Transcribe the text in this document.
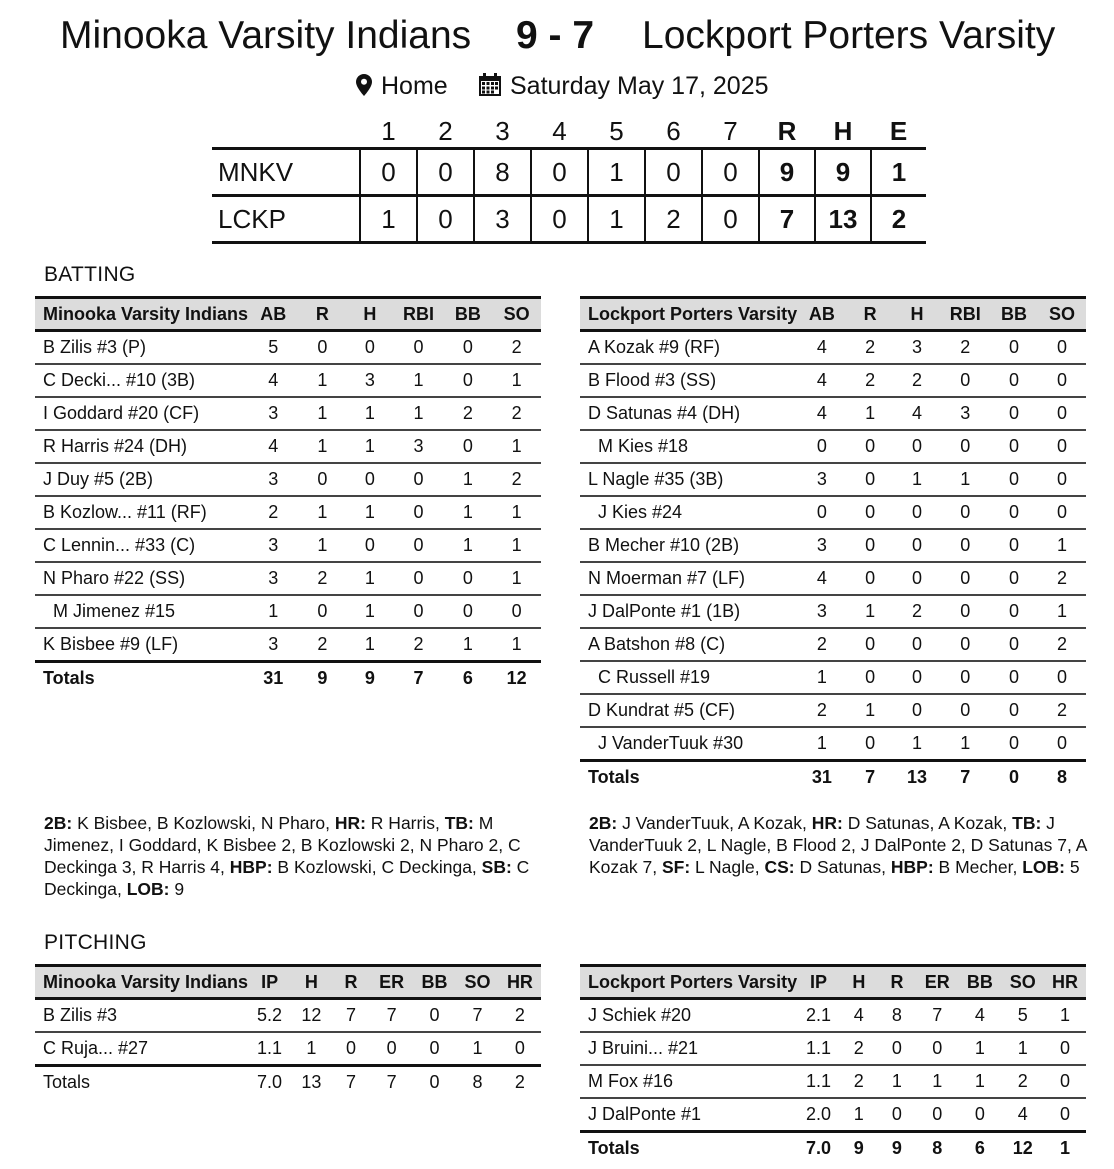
Minooka Varsity Indians 9 - 7 Lockport Porters Varsity
Home Saturday May 17, 2025
	1	2	3	4	5	6	7	R	H	E
MNKV	0	0	8	0	1	0	0	9	9	1
LCKP	1	0	3	0	1	2	0	7	13	2
BATTING
Minooka Varsity Indians	AB	R	H	RBI	BB	SO
B Zilis #3 (P)	5	0	0	0	0	2
C Decki... #10 (3B)	4	1	3	1	0	1
I Goddard #20 (CF)	3	1	1	1	2	2
R Harris #24 (DH)	4	1	1	3	0	1
J Duy #5 (2B)	3	0	0	0	1	2
B Kozlow... #11 (RF)	2	1	1	0	1	1
C Lennin... #33 (C)	3	1	0	0	1	1
N Pharo #22 (SS)	3	2	1	0	0	1
M Jimenez #15	1	0	1	0	0	0
K Bisbee #9 (LF)	3	2	1	2	1	1
Totals	31	9	9	7	6	12
Lockport Porters Varsity	AB	R	H	RBI	BB	SO
A Kozak #9 (RF)	4	2	3	2	0	0
B Flood #3 (SS)	4	2	2	0	0	0
D Satunas #4 (DH)	4	1	4	3	0	0
M Kies #18	0	0	0	0	0	0
L Nagle #35 (3B)	3	0	1	1	0	0
J Kies #24	0	0	0	0	0	0
B Mecher #10 (2B)	3	0	0	0	0	1
N Moerman #7 (LF)	4	0	0	0	0	2
J DalPonte #1 (1B)	3	1	2	0	0	1
A Batshon #8 (C)	2	0	0	0	0	2
C Russell #19	1	0	0	0	0	0
D Kundrat #5 (CF)	2	1	0	0	0	2
J VanderTuuk #30	1	0	1	1	0	0
Totals	31	7	13	7	0	8
2B: K Bisbee, B Kozlowski, N Pharo, HR: R Harris, TB: M Jimenez, I Goddard, K Bisbee 2, B Kozlowski 2, N Pharo 2, C Deckinga 3, R Harris 4, HBP: B Kozlowski, C Deckinga, SB: C Deckinga, LOB: 9
2B: J VanderTuuk, A Kozak, HR: D Satunas, A Kozak, TB: J VanderTuuk 2, L Nagle, B Flood 2, J DalPonte 2, D Satunas 7, A Kozak 7, SF: L Nagle, CS: D Satunas, HBP: B Mecher, LOB: 5
PITCHING
Minooka Varsity Indians	IP	H	R	ER	BB	SO	HR
B Zilis #3	5.2	12	7	7	0	7	2
C Ruja... #27	1.1	1	0	0	0	1	0
Totals	7.0	13	7	7	0	8	2
Lockport Porters Varsity	IP	H	R	ER	BB	SO	HR
J Schiek #20	2.1	4	8	7	4	5	1
J Bruini... #21	1.1	2	0	0	1	1	0
M Fox #16	1.1	2	1	1	1	2	0
J DalPonte #1	2.0	1	0	0	0	4	0
Totals	7.0	9	9	8	6	12	1
